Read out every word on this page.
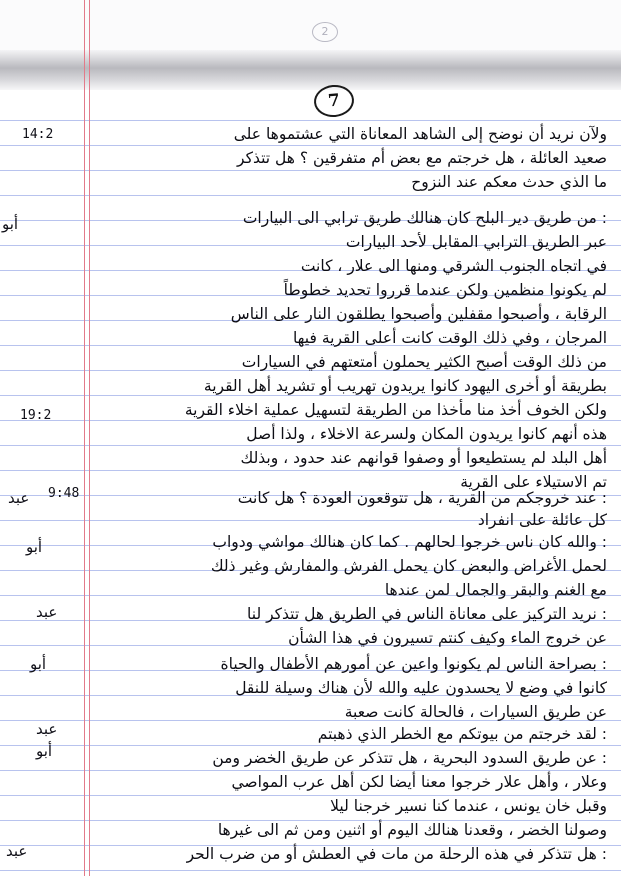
2
7
14:2
19:2
9:48
أبو
عبد
أبو
عبد
أبو
عبد
أبو
عبد
ولآن نريد أن نوضح إلى الشاهد المعاناة التي عشتموها على
صعيد العائلة ، هل خرجتم مع بعض أم متفرقين ؟ هل تتذكر
ما الذي حدث معكم عند النزوح
: من طريق دير البلح كان هنالك طريق ترابي الى البيارات
عبر الطريق الترابي المقابل لأحد البيارات
في اتجاه الجنوب الشرقي ومنها الى علار ، كانت
لم يكونوا منظمين ولكن عندما قرروا تحديد خطوطاً
الرقابة ، وأصبحوا مقفلين وأصبحوا يطلقون النار على الناس
المرجان ، وفي ذلك الوقت كانت أعلى القرية فيها
من ذلك الوقت أصبح الكثير يحملون أمتعتهم في السيارات
بطريقة أو أخرى اليهود كانوا يريدون تهريب أو تشريد أهل القرية
ولكن الخوف أخذ منا مأخذا من الطريقة لتسهيل عملية اخلاء القرية
هذه أنهم كانوا يريدون المكان ولسرعة الاخلاء ، ولذا أصل
أهل البلد لم يستطيعوا أو وصفوا قوانهم عند حدود ، وبذلك
تم الاستيلاء على القرية
: عند خروجكم من القرية ، هل تتوقعون العودة ؟ هل كانت
كل عائلة على انفراد
: والله كان ناس خرجوا لحالهم . كما كان هنالك مواشي ودواب
لحمل الأغراض والبعض كان يحمل الفرش والمفارش وغير ذلك
مع الغنم والبقر والجمال لمن عندها
: نريد التركيز على معاناة الناس في الطريق هل تتذكر لنا
عن خروج الماء وكيف كنتم تسيرون في هذا الشأن
: بصراحة الناس لم يكونوا واعين عن أمورهم الأطفال والحياة
كانوا في وضع لا يحسدون عليه والله لأن هناك وسيلة للنقل
عن طريق السيارات ، فالحالة كانت صعبة
: لقد خرجتم من بيوتكم مع الخطر الذي ذهبتم
: عن طريق السدود البحرية ، هل تتذكر عن طريق الخضر ومن
وعلار ، وأهل علار خرجوا معنا أيضا لكن أهل عرب المواصي
وقبل خان يونس ، عندما كنا نسير خرجنا ليلا
وصولنا الخضر ، وقعدنا هنالك اليوم أو اثنين ومن ثم الى غيرها
: هل تتذكر في هذه الرحلة من مات في العطش أو من ضرب الحر
